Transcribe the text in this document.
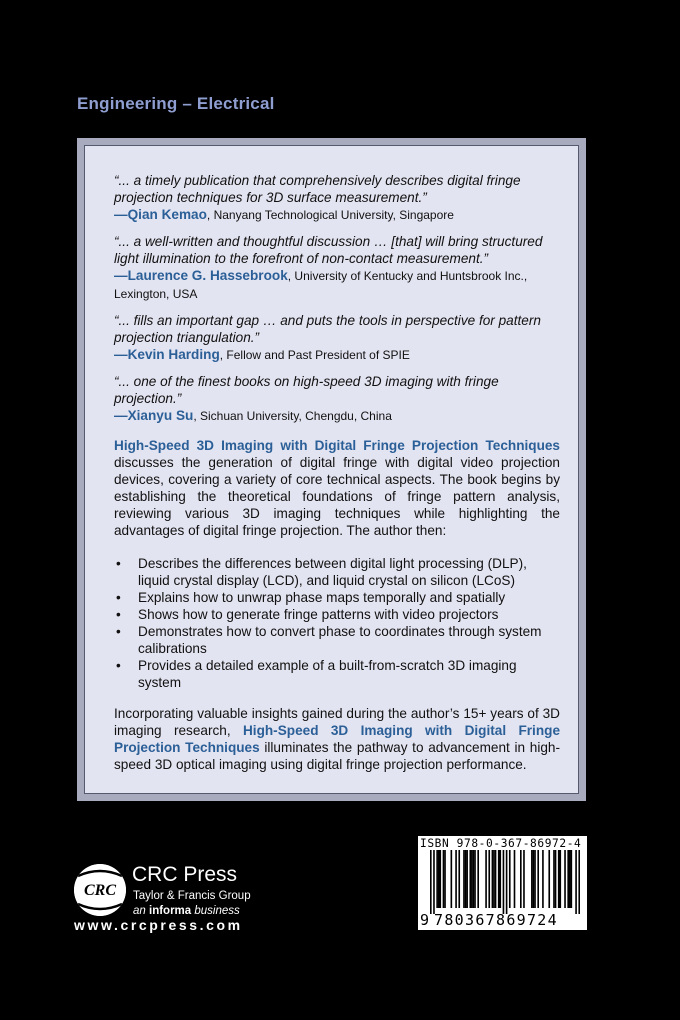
Engineering – Electrical
“... a timely publication that comprehensively describes digital fringe projection techniques for 3D surface measurement.”
—Qian Kemao, Nanyang Technological University, Singapore
“... a well-written and thoughtful discussion … [that] will bring structured light illumination to the forefront of non-contact measurement.”
—Laurence G. Hassebrook, University of Kentucky and Huntsbrook Inc., Lexington, USA
“... fills an important gap … and puts the tools in perspective for pattern projection triangulation.”
—Kevin Harding, Fellow and Past President of SPIE
“... one of the finest books on high-speed 3D imaging with fringe projection.”
—Xianyu Su, Sichuan University, Chengdu, China
High-Speed 3D Imaging with Digital Fringe Projection Techniques discusses the generation of digital fringe with digital video projection devices, covering a variety of core technical aspects. The book begins by establishing the theoretical foundations of fringe pattern analysis, reviewing various 3D imaging techniques while highlighting the advantages of digital fringe projection. The author then:
• Describes the differences between digital light processing (DLP), liquid crystal display (LCD), and liquid crystal on silicon (LCoS)
• Explains how to unwrap phase maps temporally and spatially
• Shows how to generate fringe patterns with video projectors
• Demonstrates how to convert phase to coordinates through system calibrations
• Provides a detailed example of a built-from-scratch 3D imaging system
Incorporating valuable insights gained during the author’s 15+ years of 3D imaging research, High-Speed 3D Imaging with Digital Fringe Projection Techniques illuminates the pathway to advancement in high-speed 3D optical imaging using digital fringe projection performance.
CRC
CRC Press
Taylor & Francis Group
an informa business
www.crcpress.com
ISBN 978-0-367-86972-4
9 780367869724
